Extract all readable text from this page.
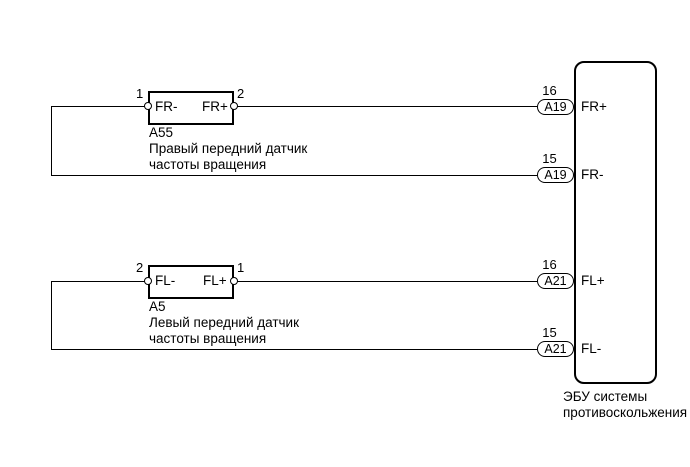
1	2
FR- FR+
A55
Правый передний датчик
частоты вращения
2	1
FL- FL+
A5
Левый передний датчик
частоты вращения
16
A19	FR+
15
A19	FR-
16
A21	FL+
15
A21	FL-
ЭБУ системы
противоскольжения
